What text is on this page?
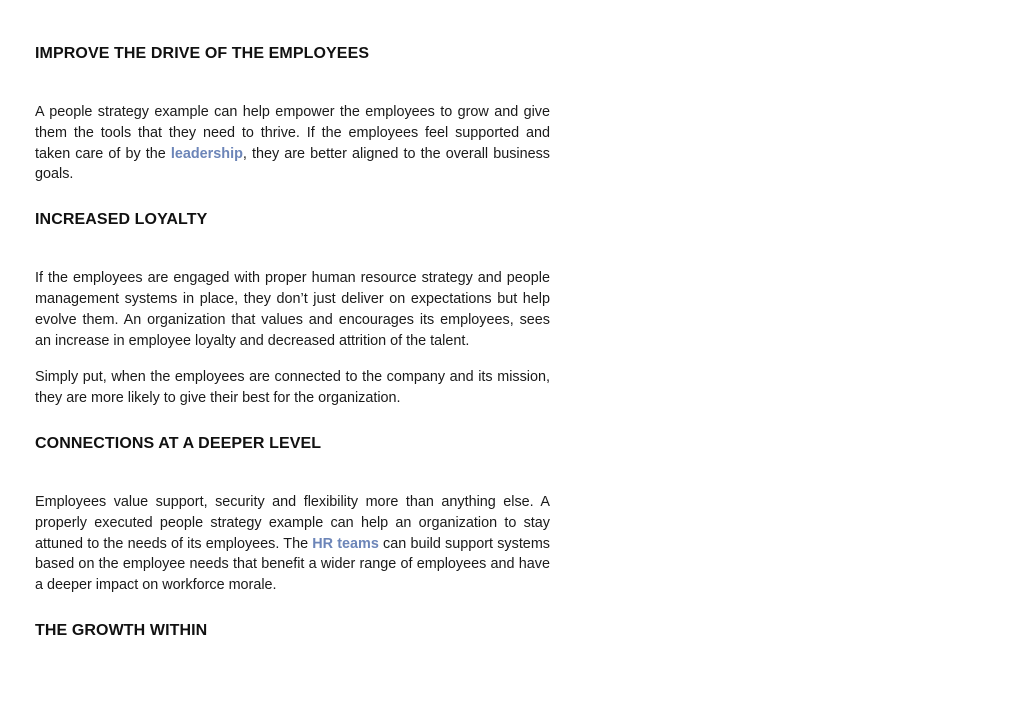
IMPROVE THE DRIVE OF THE EMPLOYEES

A people strategy example can help empower the employees to grow and give them the tools that they need to thrive. If the employees feel supported and taken care of by the leadership, they are better aligned to the overall business goals.

INCREASED LOYALTY

If the employees are engaged with proper human resource strategy and people management systems in place, they don’t just deliver on expectations but help evolve them. An organization that values and encourages its employees, sees an increase in employee loyalty and decreased attrition of the talent.

Simply put, when the employees are connected to the company and its mission, they are more likely to give their best for the organization.

CONNECTIONS AT A DEEPER LEVEL

Employees value support, security and flexibility more than anything else. A properly executed people strategy example can help an organization to stay attuned to the needs of its employees. The HR teams can build support systems based on the employee needs that benefit a wider range of employees and have a deeper impact on workforce morale.

THE GROWTH WITHIN
